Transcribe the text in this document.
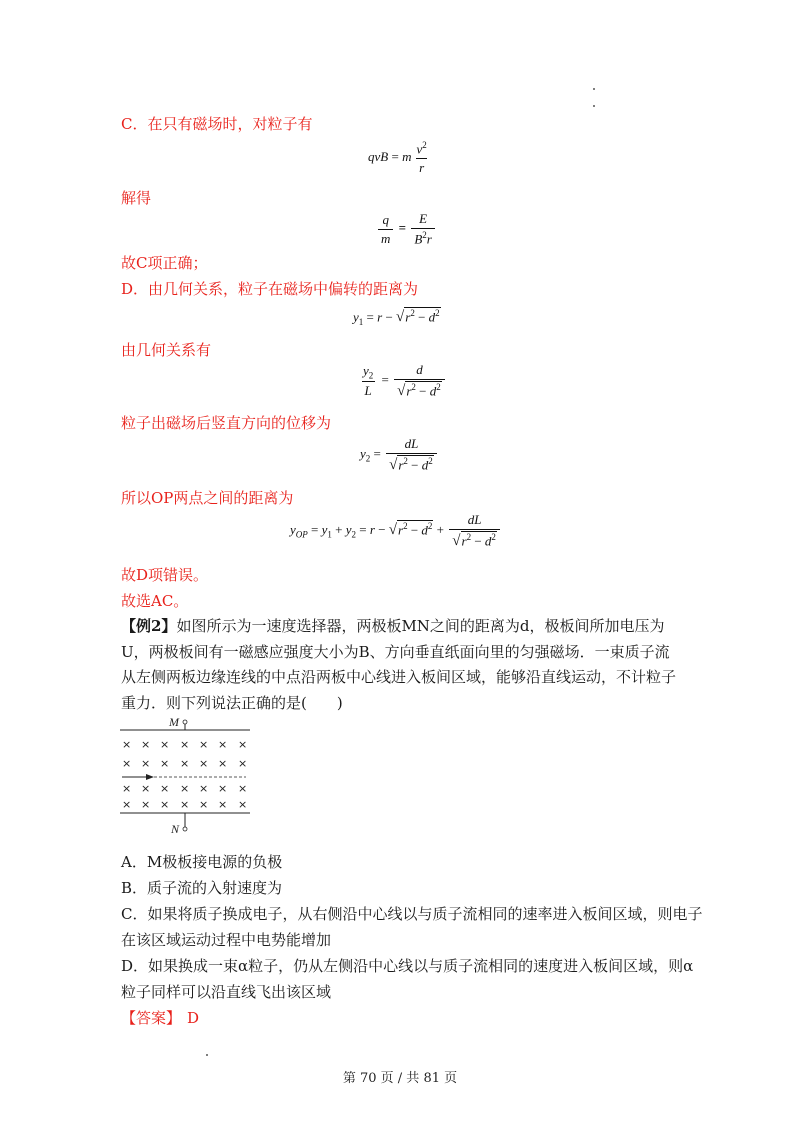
C．在只有磁场时，对粒子有
qvB = m $\frac{v^2}{r}$
解得
$\frac{q}{m} = \frac{E}{B^2r}$
故C项正确；
D．由几何关系，粒子在磁场中偏转的距离为
$y_1 = r - √r^2 - d^2$
由几何关系有
$\frac{y_2}{L} = \frac{d}{√r^2 - d^2}$
粒子出磁场后竖直方向的位移为
$y_2 = \frac{dL}{√r^2 - d^2}$
所以OP两点之间的距离为
$y_{OP} = y_1 + y_2 = r - √r^2 - d^2 + \frac{dL}{√r^2 - d^2}$
故D项错误。
故选AC。
【例2】如图所示为一速度选择器，两极板MN之间的距离为d，极板间所加电压为U，两极板间有一磁感应强度大小为B、方向垂直纸面向里的匀强磁场．一束质子流从左侧两板边缘连线的中点沿两板中心线进入板间区域，能够沿直线运动，不计粒子重力．则下列说法正确的是(　　)
M
N
× × × × × × ×
× × × × × × ×
× × × × × × ×
× × × × × × ×
A．M极板接电源的负极
B．质子流的入射速度为
C．如果将质子换成电子，从右侧沿中心线以与质子流相同的速率进入板间区域，则电子
在该区域运动过程中电势能增加
D．如果换成一束α粒子，仍从左侧沿中心线以与质子流相同的速度进入板间区域，则α
粒子同样可以沿直线飞出该区域
【答案】 D
第 70 页 / 共 81 页
